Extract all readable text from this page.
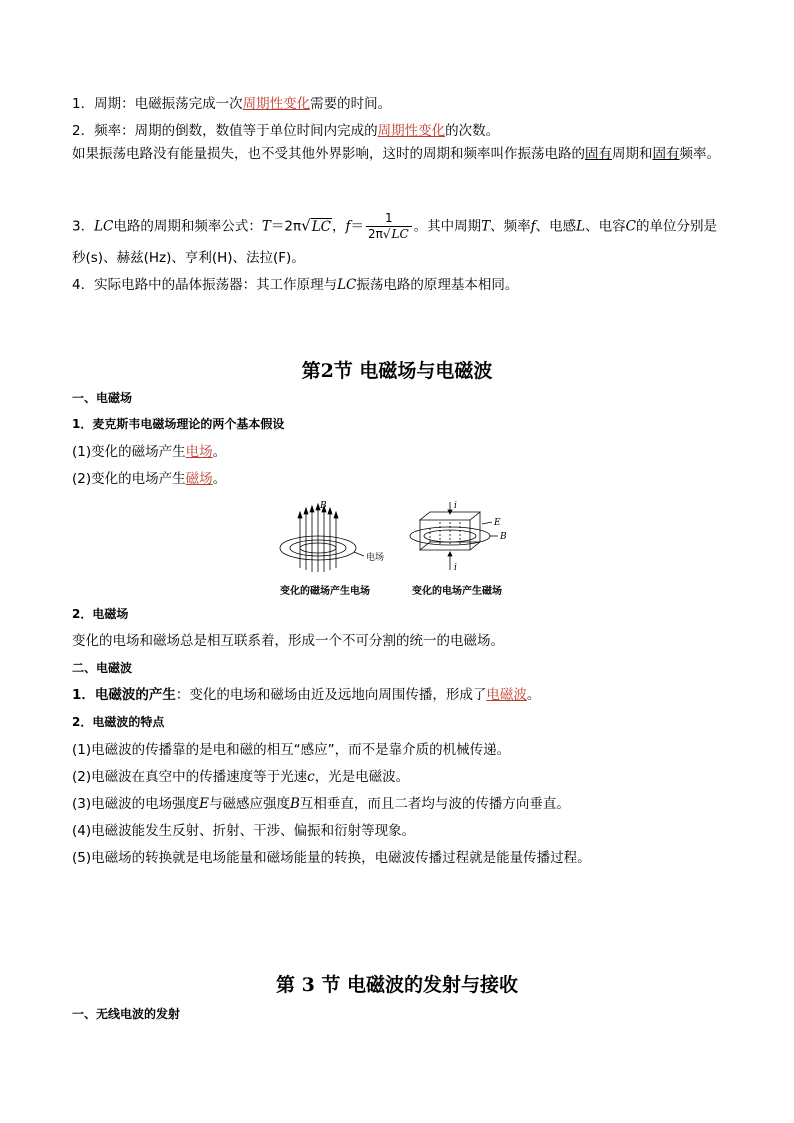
1．周期：电磁振荡完成一次周期性变化需要的时间。
2．频率：周期的倒数，数值等于单位时间内完成的周期性变化的次数。
如果振荡电路没有能量损失，也不受其他外界影响，这时的周期和频率叫作振荡电路的固有周期和固有频率。
3．LC电路的周期和频率公式：T＝2π√LC，$f= \frac{1}{2\pi√LC}$ 。其中周期T、频率f、电感L、电容C的单位分别是
秒(s)、赫兹(Hz)、亨利(H)、法拉(F)。
4．实际电路中的晶体振荡器：其工作原理与LC振荡电路的原理基本相同。
第2节 电磁场与电磁波
一、电磁场
1．麦克斯韦电磁场理论的两个基本假设
(1)变化的磁场产生电场。
(2)变化的电场产生磁场。
B
电场
i
i
E
B
变化的磁场产生电场	变化的电场产生磁场
2．电磁场
变化的电场和磁场总是相互联系着，形成一个不可分割的统一的电磁场。
二、电磁波
1．电磁波的产生：变化的电场和磁场由近及远地向周围传播，形成了电磁波。
2．电磁波的特点
(1)电磁波的传播靠的是电和磁的相互“感应”，而不是靠介质的机械传递。
(2)电磁波在真空中的传播速度等于光速c，光是电磁波。
(3)电磁波的电场强度E与磁感应强度B互相垂直，而且二者均与波的传播方向垂直。
(4)电磁波能发生反射、折射、干涉、偏振和衍射等现象。
(5)电磁场的转换就是电场能量和磁场能量的转换，电磁波传播过程就是能量传播过程。
第 3 节 电磁波的发射与接收
一、无线电波的发射
